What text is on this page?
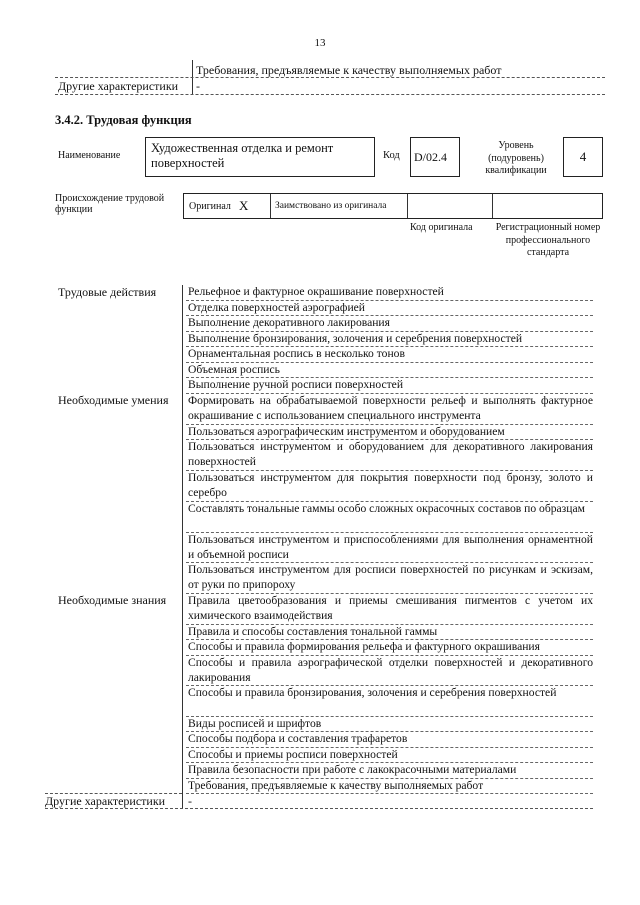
13
Требования, предъявляемые к качеству выполняемых работ
Другие характеристики -
3.4.2. Трудовая функция
Наименование
Художественная отделка и ремонт поверхностей
Код D/02.4
Уровень (подуровень) квалификации
4
Происхождение трудовой функции	Оригинал X	Заимствовано из оригинала
Код оригинала Регистрационный номер профессионального стандарта
Трудовые действия
Необходимые умения
Необходимые знания
Другие характеристики
Рельефное и фактурное окрашивание поверхностей
Отделка поверхностей аэрографией
Выполнение декоративного лакирования
Выполнение бронзирования, золочения и серебрения поверхностей
Орнаментальная роспись в несколько тонов
Объемная роспись
Выполнение ручной росписи поверхностей
Формировать на обрабатываемой поверхности рельеф и выполнять фактурное окрашивание с использованием специального инструмента
Пользоваться аэрографическим инструментом и оборудованием
Пользоваться инструментом и оборудованием для декоративного лакирования поверхностей
Пользоваться инструментом для покрытия поверхности под бронзу, золото и серебро
Составлять тональные гаммы особо сложных окрасочных составов по образцам
Пользоваться инструментом и приспособлениями для выполнения орнаментной и объемной росписи
Пользоваться инструментом для росписи поверхностей по рисункам и эскизам, от руки по припороху
Правила цветообразования и приемы смешивания пигментов с учетом их химического взаимодействия
Правила и способы составления тональной гаммы
Способы и правила формирования рельефа и фактурного окрашивания
Способы и правила аэрографической отделки поверхностей и декоративного лакирования
Способы и правила бронзирования, золочения и серебрения поверхностей
Виды росписей и шрифтов
Способы подбора и составления трафаретов
Способы и приемы росписи поверхностей
Правила безопасности при работе с лакокрасочными материалами
Требования, предъявляемые к качеству выполняемых работ
-
